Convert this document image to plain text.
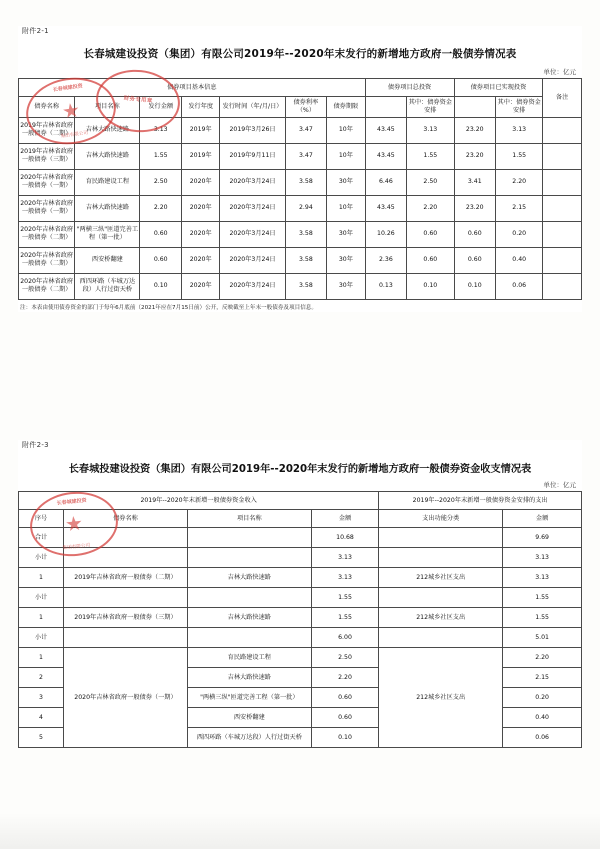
附件2-1
长春城建设投资（集团）有限公司2019年--2020年末发行的新增地方政府一般债券情况表
单位：亿元
债券项目基本信息							债券项目总投资		债券项目已实现投资		备注
债券名称	项目名称	发行金额	发行年度	发行时间（年/月/日）	债券利率（%）	债券期限		其中：债券资金安排		其中：债券资金安排	
2019年吉林省政府一般债券（二期）	吉林大路快速路	3.13	2019年	2019年3月26日	3.47	10年	43.45	3.13	23.20	3.13	
2019年吉林省政府一般债券（三期）	吉林大路快速路	1.55	2019年	2019年9月11日	3.47	10年	43.45	1.55	23.20	1.55	
2020年吉林省政府一般债券（一期）	育民路建设工程	2.50	2020年	2020年3月24日	3.58	30年	6.46	2.50	3.41	2.20	
2020年吉林省政府一般债券（一期）	吉林大路快速路	2.20	2020年	2020年3月24日	2.94	10年	43.45	2.20	23.20	2.15	
2020年吉林省政府一般债券（二期）	"两横三纵"匝道完善工程（第一批）	0.60	2020年	2020年3月24日	3.58	30年	10.26	0.60	0.60	0.20	
2020年吉林省政府一般债券（二期）	西安桥翻建	0.60	2020年	2020年3月24日	3.58	30年	2.36	0.60	0.60	0.40	
2020年吉林省政府一般债券（二期）	西四环路（车城万达段）人行过街天桥	0.10	2020年	2020年3月24日	3.58	30年	0.13	0.10	0.10	0.06	
注：本表由使用债券资金的部门于每年6月底前（2021年应在7月15日前）公开，反映截至上年末一般债券及项目信息。
长春城建投资
集团有限公司
财务专用章
附件2-3
长春城投建设投资（集团）有限公司2019年--2020年末发行的新增地方政府一般债券资金收支情况表
单位：亿元
2019年--2020年末新增一般债券资金收入				2019年--2020年末新增一般债券资金安排的支出	
序号	债券名称	项目名称	金额	支出功能分类	金额
合计			10.68		9.69
小计			3.13		3.13
1	2019年吉林省政府一般债券（二期）	吉林大路快速路	3.13	212城乡社区支出	3.13
小计			1.55		1.55
1	2019年吉林省政府一般债券（三期）	吉林大路快速路	1.55	212城乡社区支出	1.55
小计			6.00		5.01
1	2020年吉林省政府一般债券（一期）	育民路建设工程	2.50	212城乡社区支出	2.20
2		吉林大路快速路	2.20		2.15
3		"两横三纵"匝道完善工程（第一批）	0.60		0.20
4		西安桥翻建	0.60		0.40
5		西四环路（车城万达段）人行过街天桥	0.10		0.06
长春城建投资
集团有限公司
